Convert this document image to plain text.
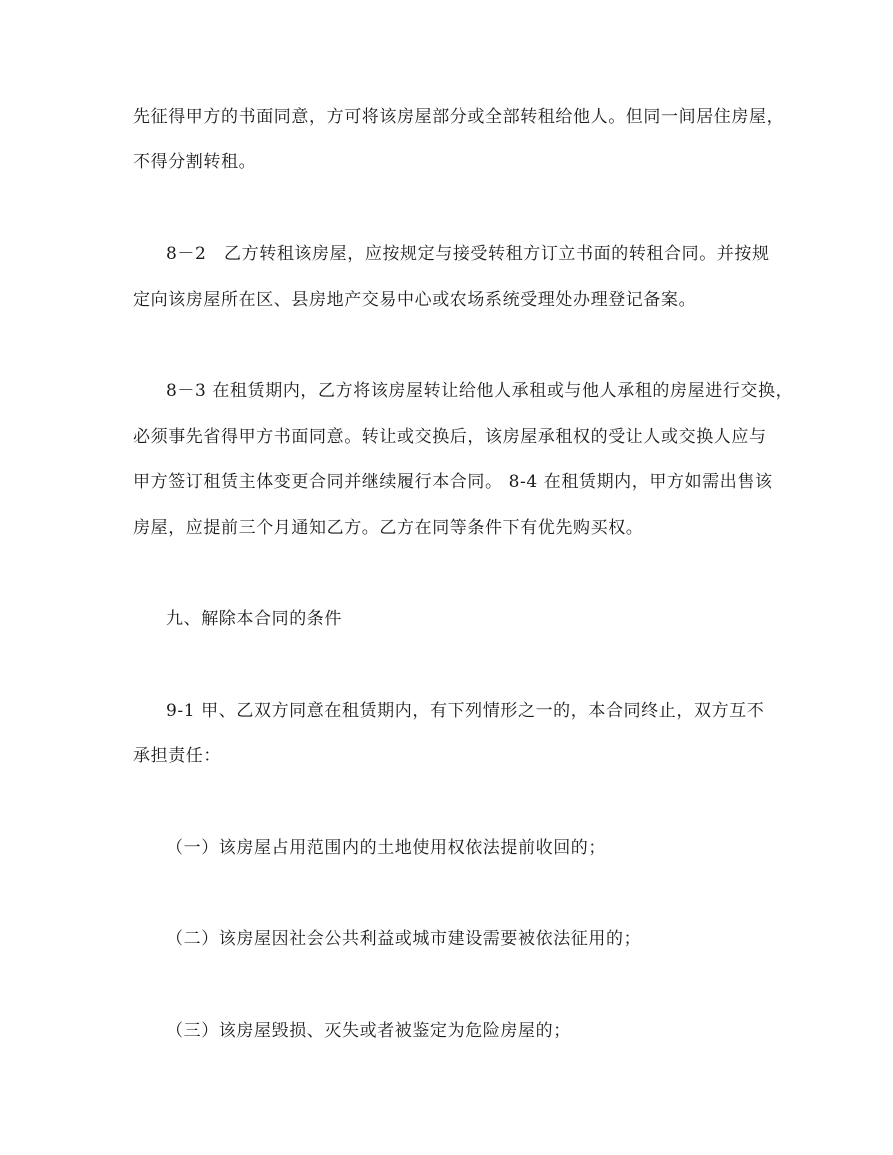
先征得甲方的书面同意，方可将该房屋部分或全部转租给他人。但同一间居住房屋，
不得分割转租。
8－2　乙方转租该房屋，应按规定与接受转租方订立书面的转租合同。并按规
定向该房屋所在区、县房地产交易中心或农场系统受理处办理登记备案。
8－3 在租赁期内，乙方将该房屋转让给他人承租或与他人承租的房屋进行交换，
必须事先省得甲方书面同意。转让或交换后，该房屋承租权的受让人或交换人应与
甲方签订租赁主体变更合同并继续履行本合同。 8-4 在租赁期内，甲方如需出售该
房屋，应提前三个月通知乙方。乙方在同等条件下有优先购买权。
九、解除本合同的条件
9-1 甲、乙双方同意在租赁期内，有下列情形之一的，本合同终止，双方互不
承担责任：
（一）该房屋占用范围内的土地使用权依法提前收回的；
（二）该房屋因社会公共利益或城市建设需要被依法征用的；
（三）该房屋毁损、灭失或者被鉴定为危险房屋的；
